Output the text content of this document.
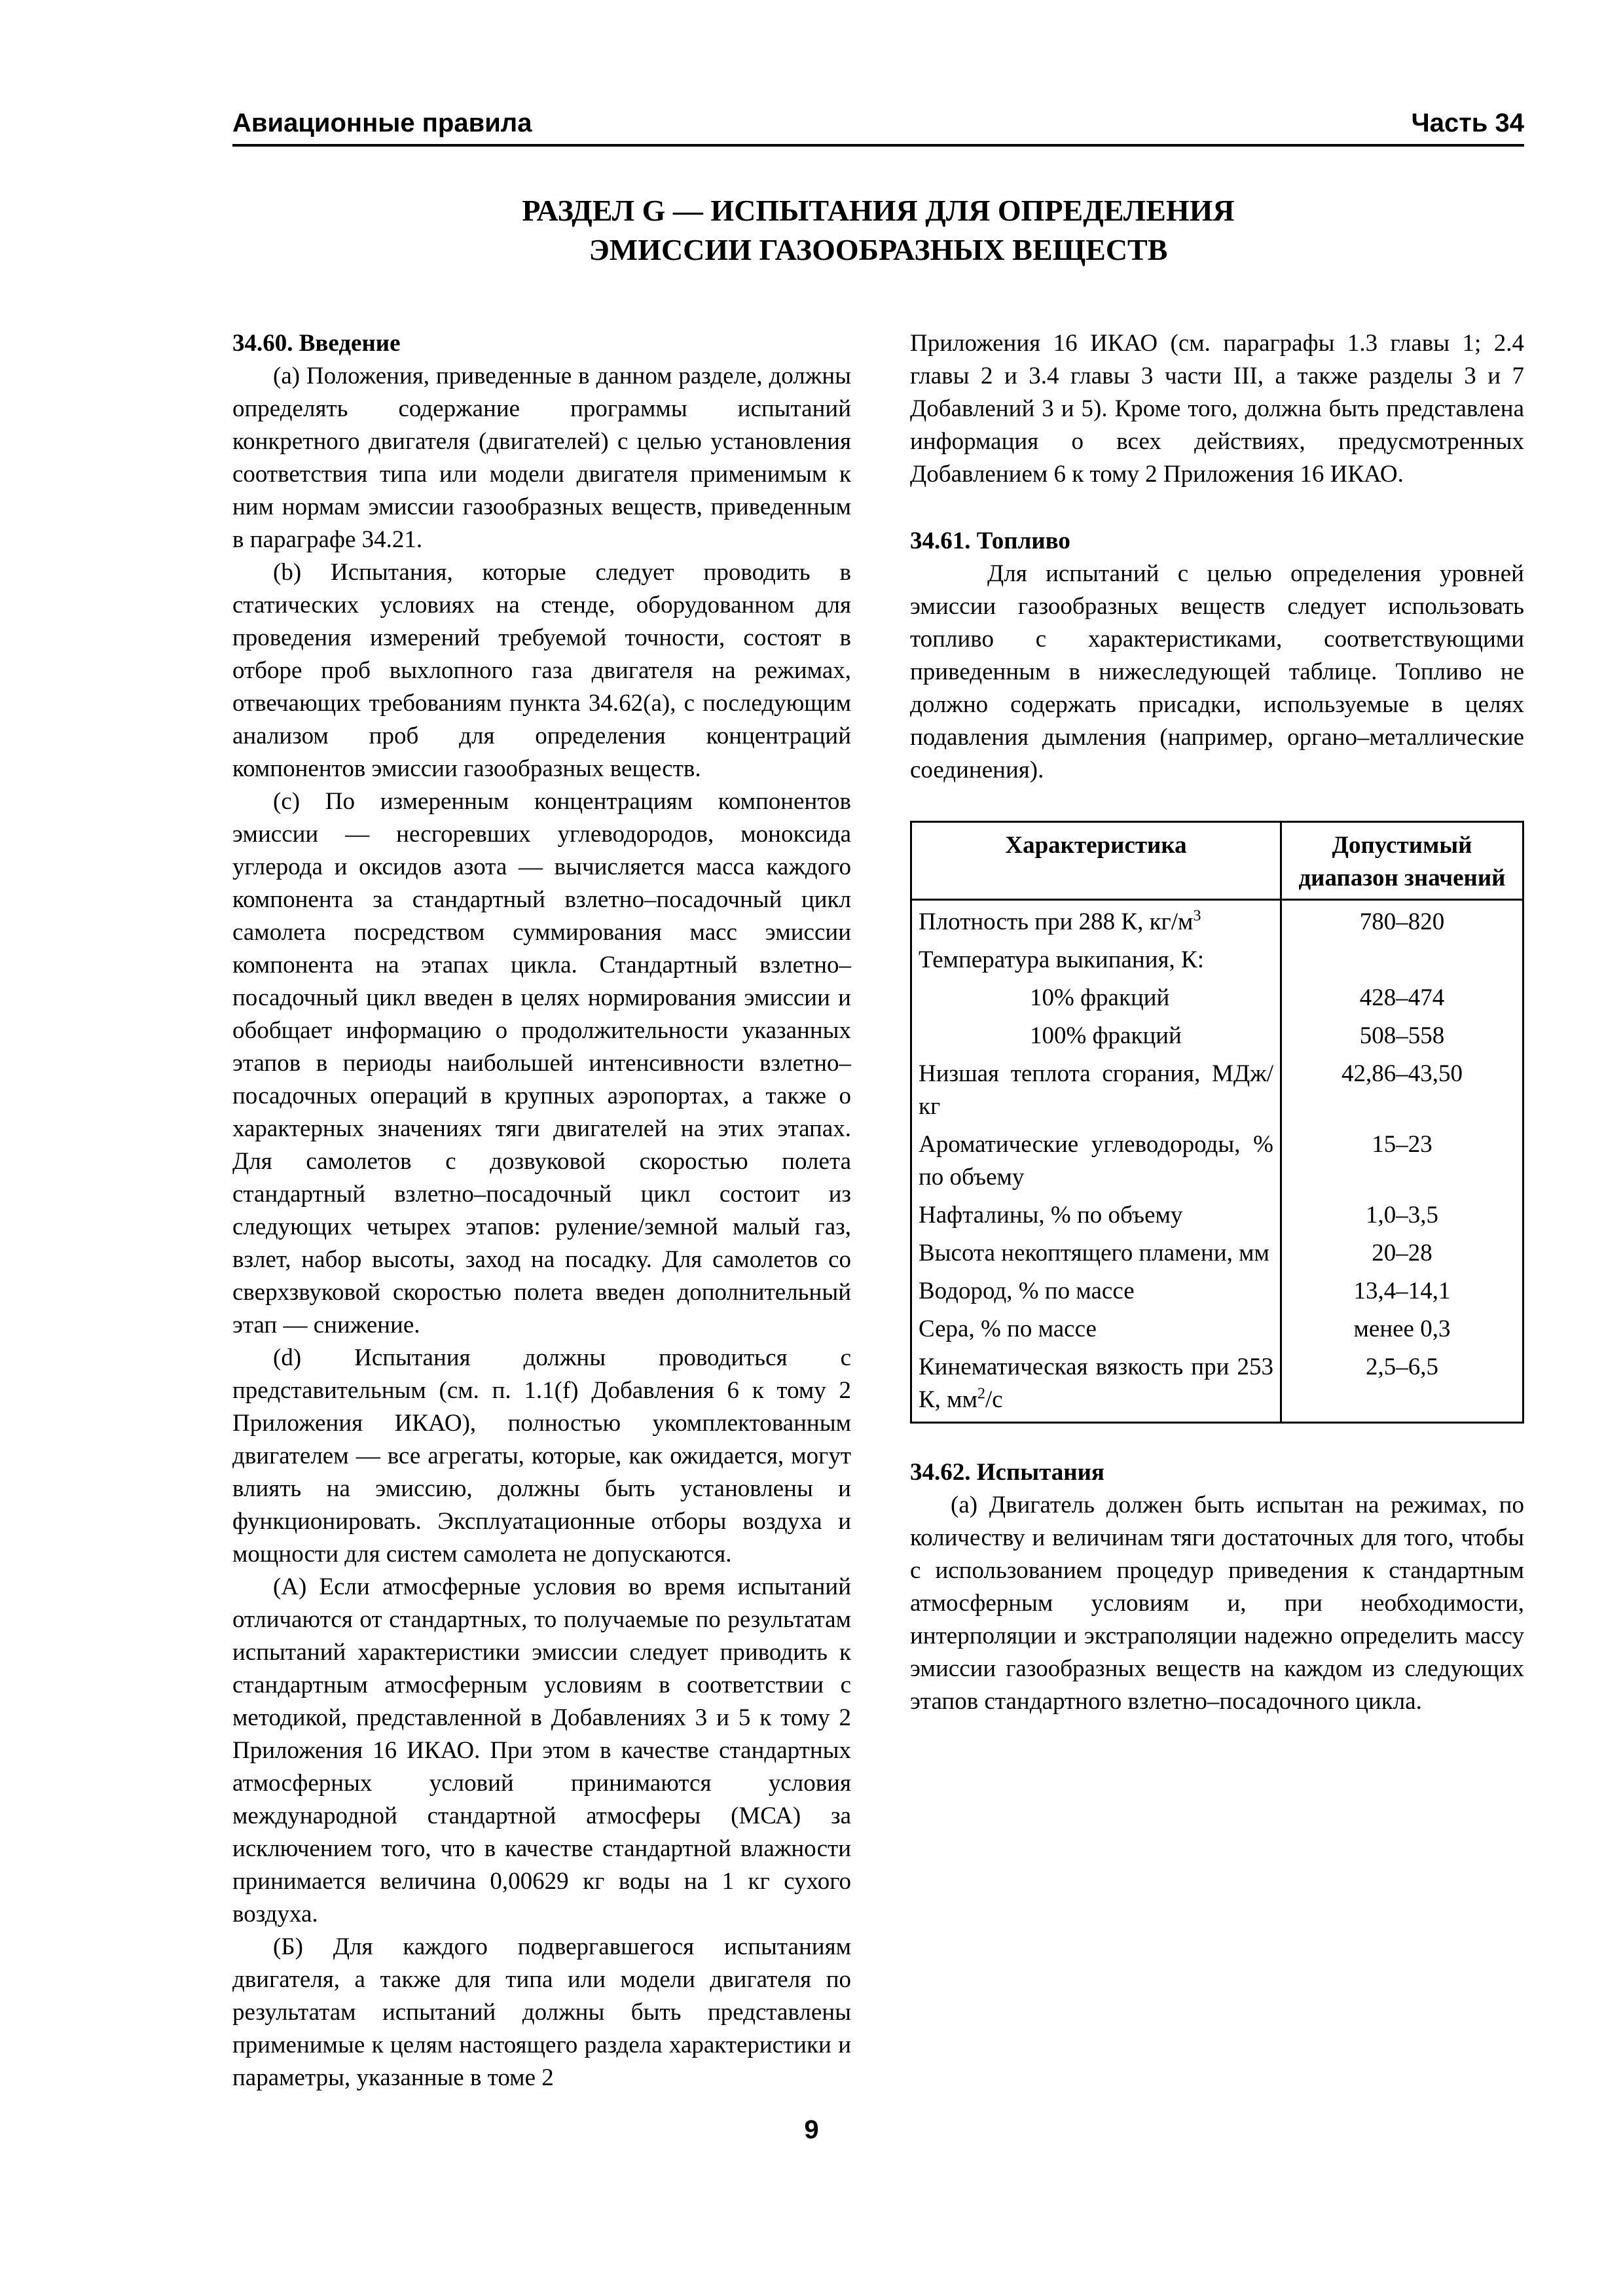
Авиационные правила	Часть 34
РАЗДЕЛ G — ИСПЫТАНИЯ ДЛЯ ОПРЕДЕЛЕНИЯ
ЭМИССИИ ГАЗООБРАЗНЫХ ВЕЩЕСТВ

34.60. Введение

(а) Положения, приведенные в данном разделе, должны определять содержание программы испытаний конкретного двигателя (двигателей) с целью установления соответствия типа или модели двигателя применимым к ним нормам эмиссии газообразных веществ, приведенным в параграфе 34.21.

(b) Испытания, которые следует проводить в статических условиях на стенде, оборудованном для проведения измерений требуемой точности, состоят в отборе проб выхлопного газа двигателя на режимах, отвечающих требованиям пункта 34.62(а), с последующим анализом проб для определения концентраций компонентов эмиссии газообразных веществ.

(с) По измеренным концентрациям компонентов эмиссии — несгоревших углеводородов, моноксида углерода и оксидов азота — вычисляется масса каждого компонента за стандартный взлетно–посадочный цикл самолета посредством суммирования масс эмиссии компонента на этапах цикла. Стандартный взлетно–посадочный цикл введен в целях нормирования эмиссии и обобщает информацию о продолжительности указанных этапов в периоды наибольшей интенсивности взлетно–посадочных операций в крупных аэропортах, а также о характерных значениях тяги двигателей на этих этапах. Для самолетов с дозвуковой скоростью полета стандартный взлетно–посадочный цикл состоит из следующих четырех этапов: руление/земной малый газ, взлет, набор высоты, заход на посадку. Для самолетов со сверхзвуковой скоростью полета введен дополнительный этап — снижение.

(d) Испытания должны проводиться с представительным (см. п. 1.1(f) Добавления 6 к тому 2 Приложения ИКАО), полностью укомплектованным двигателем — все агрегаты, которые, как ожидается, могут влиять на эмиссию, должны быть установлены и функционировать. Эксплуатационные отборы воздуха и мощности для систем самолета не допускаются.

(А) Если атмосферные условия во время испытаний отличаются от стандартных, то получаемые по результатам испытаний характеристики эмиссии следует приводить к стандартным атмосферным условиям в соответствии с методикой, представленной в Добавлениях 3 и 5 к тому 2 Приложения 16 ИКАО. При этом в качестве стандартных атмосферных условий принимаются условия международной стандартной атмосферы (МСА) за исключением того, что в качестве стандартной влажности принимается величина 0,00629 кг воды на 1 кг сухого воздуха.

(Б) Для каждого подвергавшегося испытаниям двигателя, а также для типа или модели двигателя по результатам испытаний должны быть представлены применимые к целям настоящего раздела характеристики и параметры, указанные в томе 2

Приложения 16 ИКАО (см. параграфы 1.3 главы 1; 2.4 главы 2 и 3.4 главы 3 части III, а также разделы 3 и 7 Добавлений 3 и 5). Кроме того, должна быть представлена информация о всех действиях, предусмотренных Добавлением 6 к тому 2 Приложения 16 ИКАО.

34.61. Топливо

Для испытаний с целью определения уровней эмиссии газообразных веществ следует использовать топливо с характеристиками, соответствующими приведенным в нижеследующей таблице. Топливо не должно содержать присадки, используемые в целях подавления дымления (например, органо–металлические соединения).

Характеристика	Допустимый
диапазон значений

Плотность при 288 К, $кг/м^3$	780–820
Температура выкипания, К:	
10% фракций	428–474
100% фракций	508–558
Низшая теплота сгорания, МДж/кг	42,86–43,50
Ароматические углеводороды, % по объему	15–23
Нафталины, % по объему	1,0–3,5
Высота некоптящего пламени, мм	20–28
Водород, % по массе	13,4–14,1
Сера, % по массе	менее 0,3
Кинематическая вязкость при 253 К, $мм^2/с$	2,5–6,5

34.62. Испытания

(а) Двигатель должен быть испытан на режимах, по количеству и величинам тяги достаточных для того, чтобы с использованием процедур приведения к стандартным атмосферным условиям и, при необходимости, интерполяции и экстраполяции надежно определить массу эмиссии газообразных веществ на каждом из следующих этапов стандартного взлетно–посадочного цикла.

9
